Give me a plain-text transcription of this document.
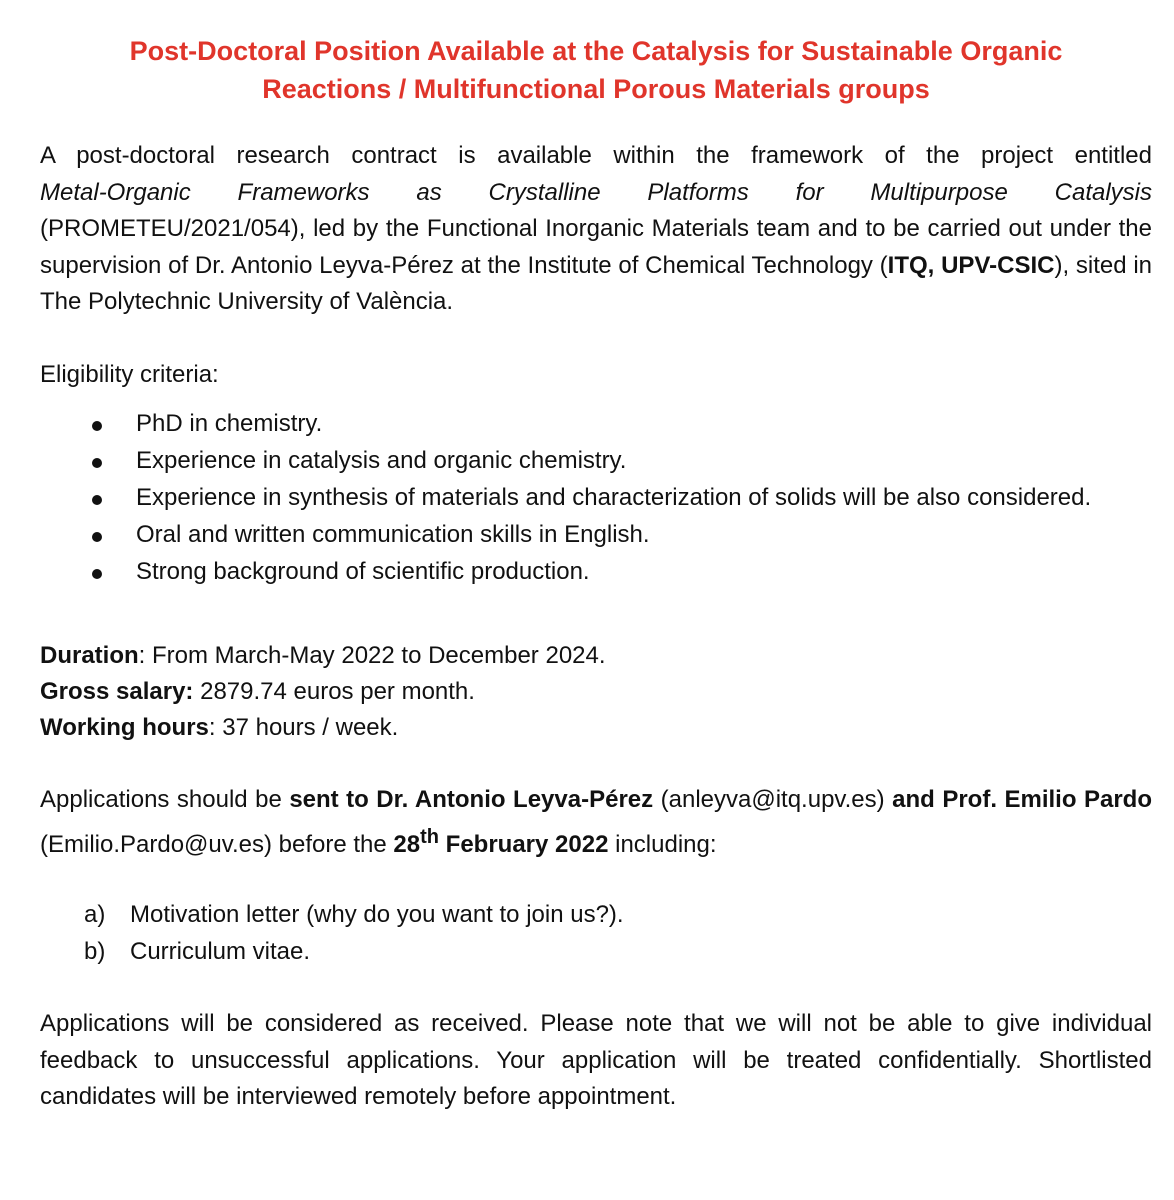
Post-Doctoral Position Available at the Catalysis for Sustainable Organic
Reactions / Multifunctional Porous Materials groups
A post-doctoral research contract is available within the framework of the project entitled
Metal-Organic Frameworks as Crystalline Platforms for Multipurpose Catalysis
(PROMETEU/2021/054), led by the Functional Inorganic Materials team and to be carried out under the supervision of Dr. Antonio Leyva-Pérez at the Institute of Chemical Technology (ITQ, UPV-CSIC), sited in The Polytechnic University of València.
Eligibility criteria:
PhD in chemistry.
Experience in catalysis and organic chemistry.
Experience in synthesis of materials and characterization of solids will be also considered.
Oral and written communication skills in English.
Strong background of scientific production.
Duration: From March-May 2022 to December 2024.
Gross salary: 2879.74 euros per month.
Working hours: 37 hours / week.
Applications should be sent to Dr. Antonio Leyva-Pérez (anleyva@itq.upv.es) and Prof. Emilio Pardo (Emilio.Pardo@uv.es) before the 28th February 2022 including:
a) Motivation letter (why do you want to join us?).
b) Curriculum vitae.
Applications will be considered as received. Please note that we will not be able to give individual feedback to unsuccessful applications. Your application will be treated confidentially. Shortlisted candidates will be interviewed remotely before appointment.
